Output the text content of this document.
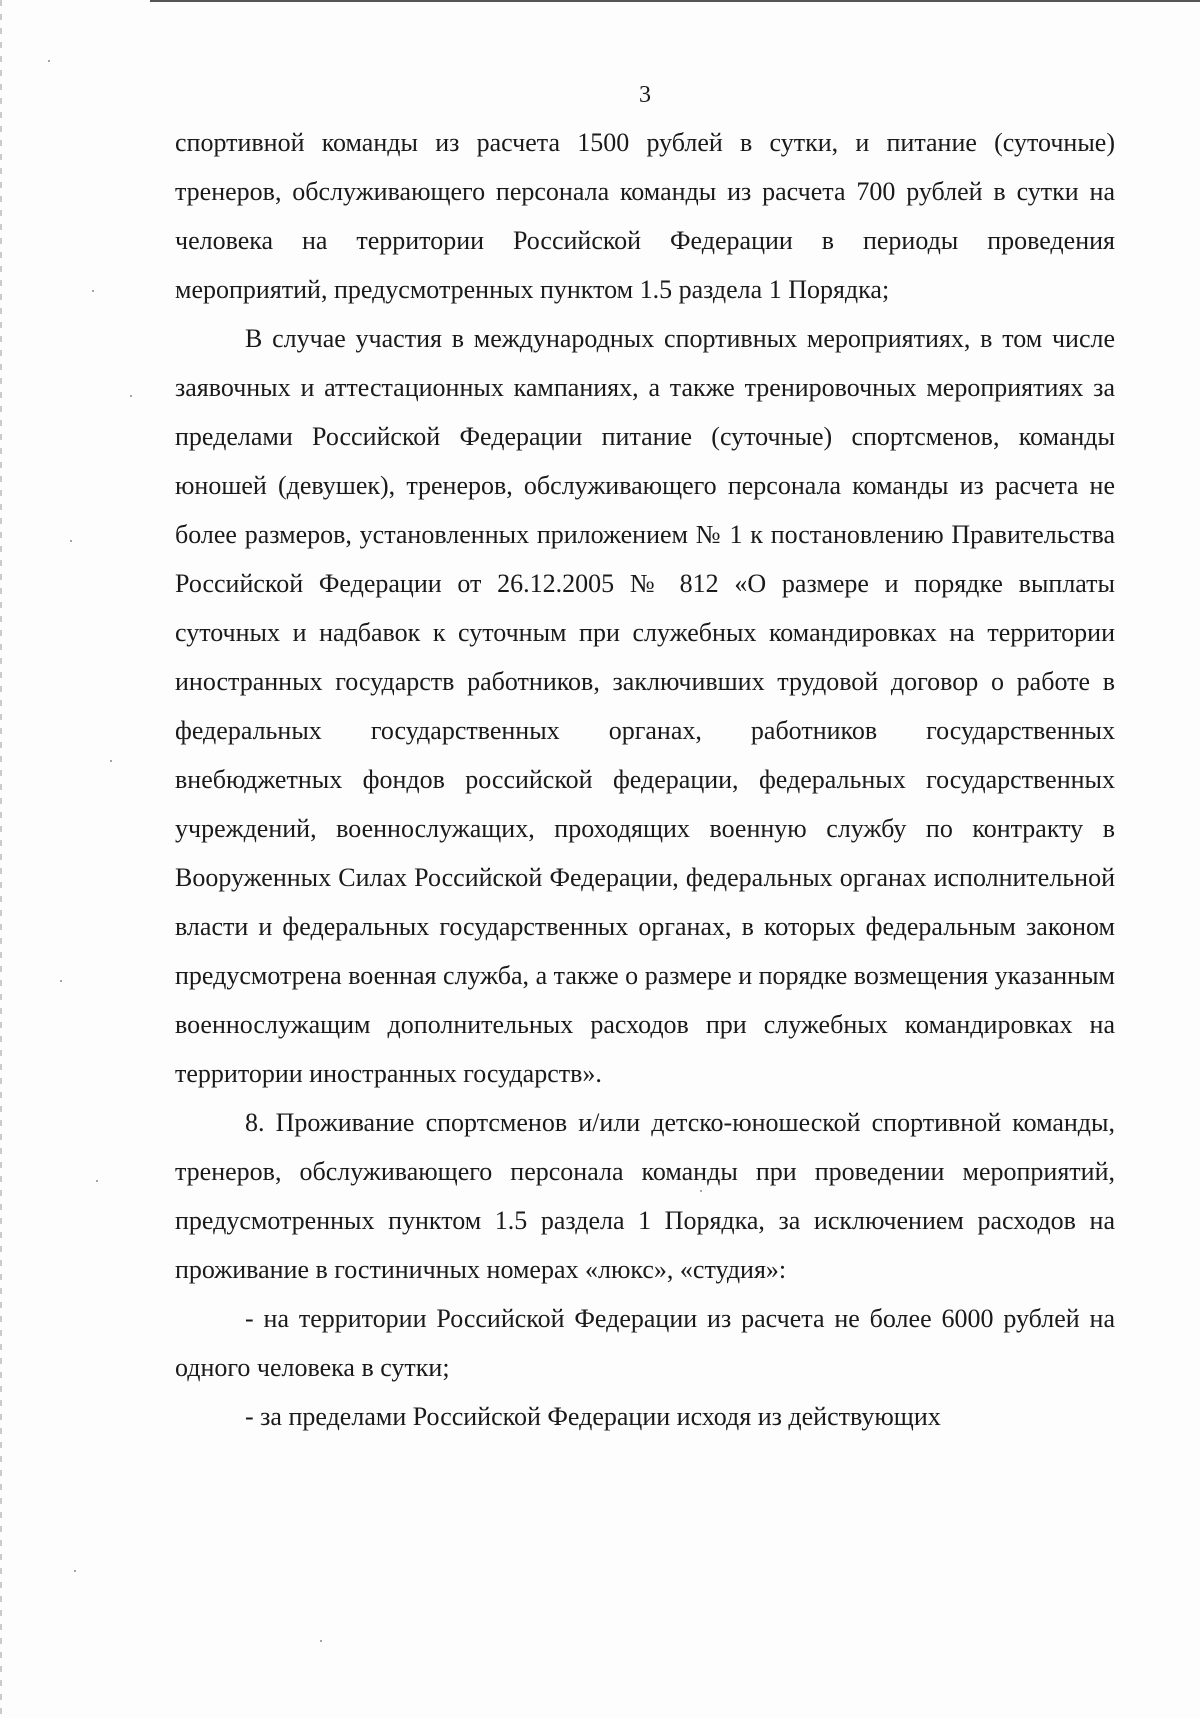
3

спортивной команды из расчета 1500 рублей в сутки, и питание (суточные) тренеров, обслуживающего персонала команды из расчета 700 рублей в сутки на человека на территории Российской Федерации в периоды проведения мероприятий, предусмотренных пунктом 1.5 раздела 1 Порядка;

В случае участия в международных спортивных мероприятиях, в том числе заявочных и аттестационных кампаниях, а также тренировочных мероприятиях за пределами Российской Федерации питание (суточные) спортсменов, команды юношей (девушек), тренеров, обслуживающего персонала команды из расчета не более размеров, установленных приложением № 1 к постановлению Правительства Российской Федерации от 26.12.2005 № 812 «О размере и порядке выплаты суточных и надбавок к суточным при служебных командировках на территории иностранных государств работников, заключивших трудовой договор о работе в федеральных государственных органах, работников государственных внебюджетных фондов российской федерации, федеральных государственных учреждений, военнослужащих, проходящих военную службу по контракту в Вооруженных Силах Российской Федерации, федеральных органах исполнительной власти и федеральных государственных органах, в которых федеральным законом предусмотрена военная служба, а также о размере и порядке возмещения указанным военнослужащим дополнительных расходов при служебных командировках на территории иностранных государств».

8. Проживание спортсменов и/или детско-юношеской спортивной команды, тренеров, обслуживающего персонала команды при проведении мероприятий, предусмотренных пунктом 1.5 раздела 1 Порядка, за исключением расходов на проживание в гостиничных номерах «люкс», «студия»:

- на территории Российской Федерации из расчета не более 6000 рублей на одного человека в сутки;

- за пределами Российской Федерации исходя из действующих
